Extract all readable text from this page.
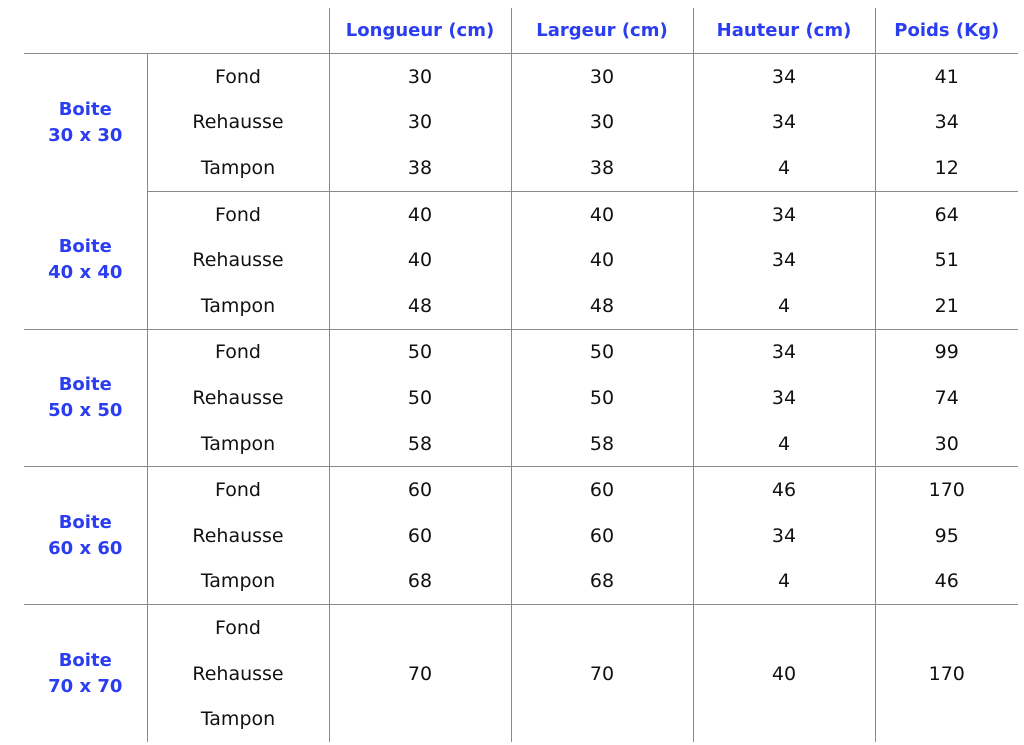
		Longueur (cm)	Largeur (cm)	Hauteur (cm)	Poids (Kg)

Boite
30 x 30	Fond	30	30	34	41
	Rehausse	30	30	34	34
	Tampon	38	38	4	12

Boite
40 x 40	Fond	40	40	34	64
	Rehausse	40	40	34	51
	Tampon	48	48	4	21

Boite
50 x 50	Fond	50	50	34	99
	Rehausse	50	50	34	74
	Tampon	58	58	4	30

Boite
60 x 60	Fond	60	60	46	170
	Rehausse	60	60	34	95
	Tampon	68	68	4	46

Boite
70 x 70	Fond	70	70	40	170
	Rehausse				
	Tampon				
